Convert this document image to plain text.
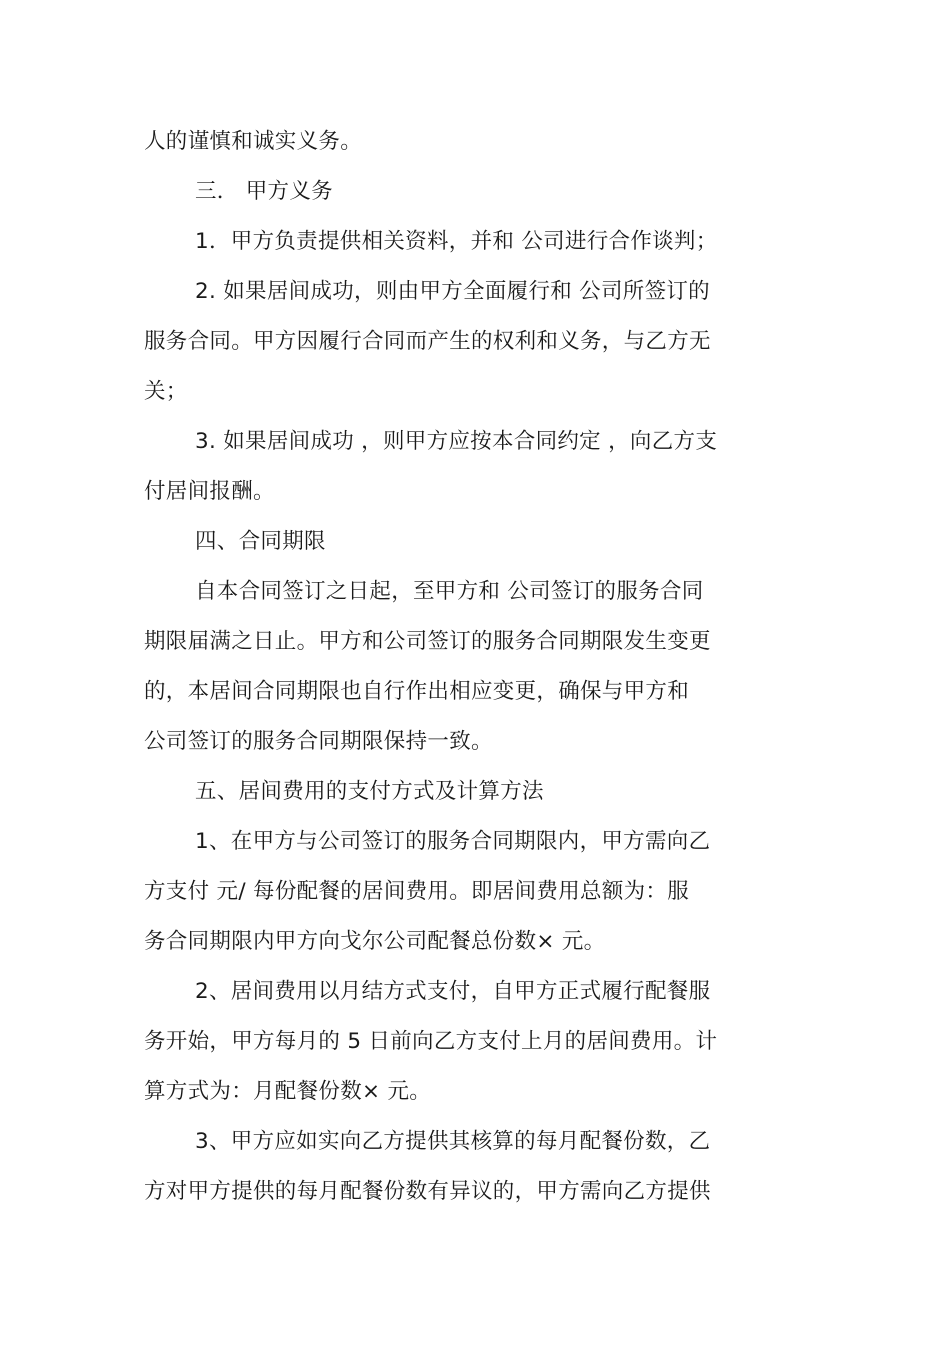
人的谨慎和诚实义务。

三． 甲方义务

1．甲方负责提供相关资料，并和 公司进行合作谈判；

2. 如果居间成功，则由甲方全面履行和 公司所签订的

服务合同。甲方因履行合同而产生的权利和义务，与乙方无

关；

3. 如果居间成功 ，则甲方应按本合同约定 ，向乙方支

付居间报酬。

四、合同期限

自本合同签订之日起，至甲方和 公司签订的服务合同

期限届满之日止。甲方和公司签订的服务合同期限发生变更

的，本居间合同期限也自行作出相应变更，确保与甲方和

公司签订的服务合同期限保持一致。

五、居间费用的支付方式及计算方法

1、在甲方与公司签订的服务合同期限内，甲方需向乙

方支付 元/ 每份配餐的居间费用。即居间费用总额为：服

务合同期限内甲方向戈尔公司配餐总份数× 元。

2、居间费用以月结方式支付，自甲方正式履行配餐服

务开始，甲方每月的 5 日前向乙方支付上月的居间费用。计

算方式为：月配餐份数× 元。

3、甲方应如实向乙方提供其核算的每月配餐份数，乙

方对甲方提供的每月配餐份数有异议的，甲方需向乙方提供
